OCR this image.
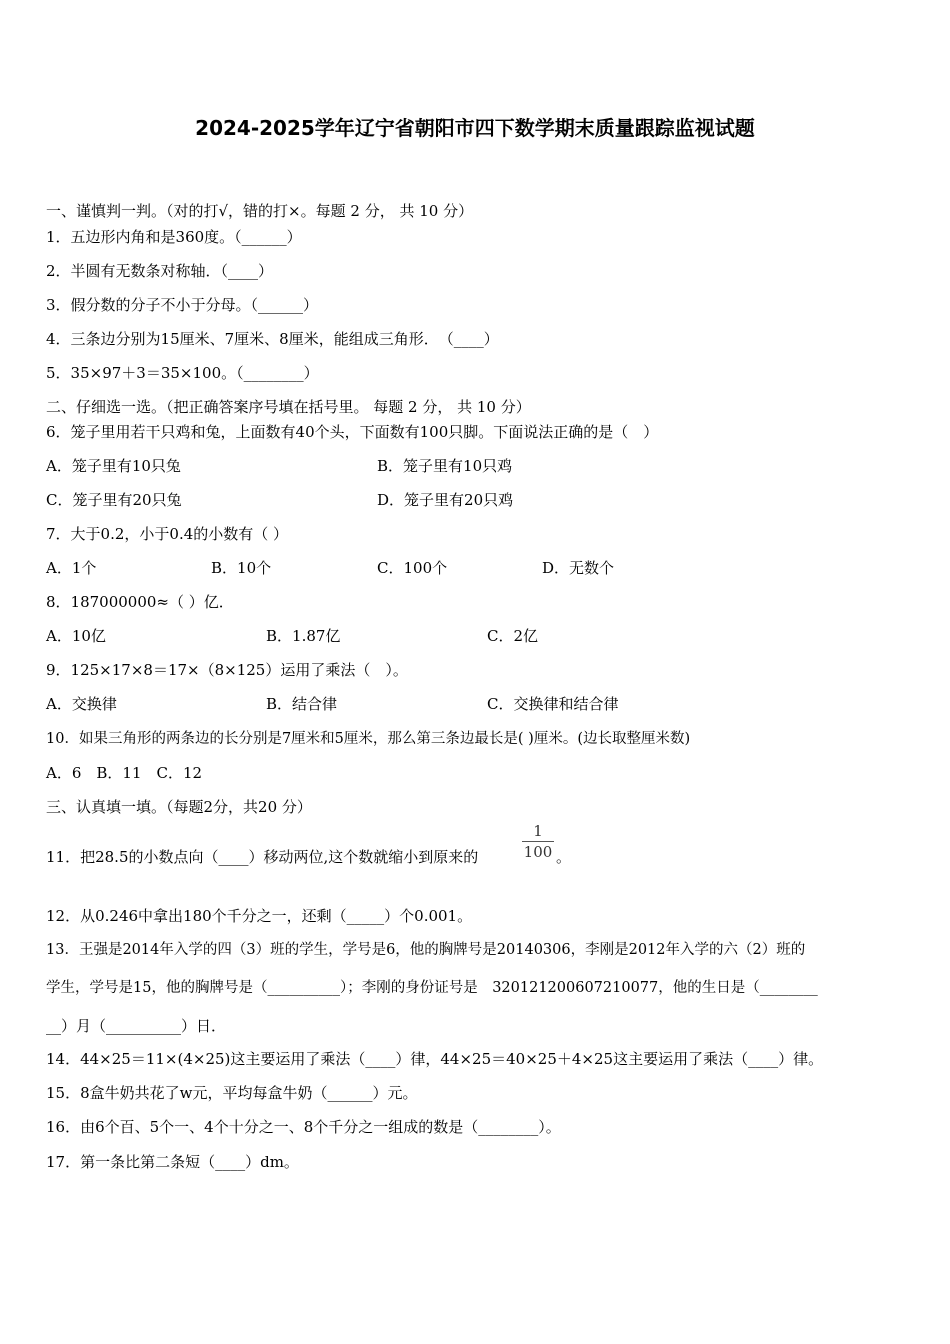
2024-2025学年辽宁省朝阳市四下数学期末质量跟踪监视试题
一、谨慎判一判。（对的打√，错的打×。每题 2 分， 共 10 分）
1．五边形内角和是360度。（______）
2．半圆有无数条对称轴．（____）
3．假分数的分子不小于分母。（______）
4．三条边分别为15厘米、7厘米、8厘米，能组成三角形．　（____）
5．35×97＋3＝35×100。（________）
二、仔细选一选。（把正确答案序号填在括号里。 每题 2 分， 共 10 分）
6．笼子里用若干只鸡和兔，上面数有40个头，下面数有100只脚。下面说法正确的是（　）
A．笼子里有10只兔	B．笼子里有10只鸡
C．笼子里有20只兔	D．笼子里有20只鸡
7．大于0.2，小于0.4的小数有（ ）
A．1个	B．10个	C．100个	D．无数个
8．187000000≈（ ）亿．
A．10亿	B．1.87亿	C．2亿
9．125×17×8＝17×（8×125）运用了乘法（　）。
A．交换律	B．结合律	C．交换律和结合律
10．如果三角形的两条边的长分别是7厘米和5厘米，那么第三条边最长是( )厘米。(边长取整厘米数)
A．6　B．11　C．12
三、认真填一填。（每题2分，共20 分）
11．把28.5的小数点向（____）移动两位,这个数就缩小到原来的
1
100 。
12．从0.246中拿出180个千分之一，还剩（_____）个0.001。
13．王强是2014年入学的四（3）班的学生，学号是6，他的胸牌号是20140306，李刚是2012年入学的六（2）班的
学生，学号是15，他的胸牌号是（__________）；李刚的身份证号是　320121200607210077，他的生日是（________
__）月（__________）日．
14．44×25＝11×(4×25)这主要运用了乘法（____）律，44×25＝40×25＋4×25这主要运用了乘法（____）律。
15．8盒牛奶共花了w元，平均每盒牛奶（______）元。
16．由6个百、5个一、4个十分之一、8个千分之一组成的数是（________）。
17．第一条比第二条短（____）dm。
